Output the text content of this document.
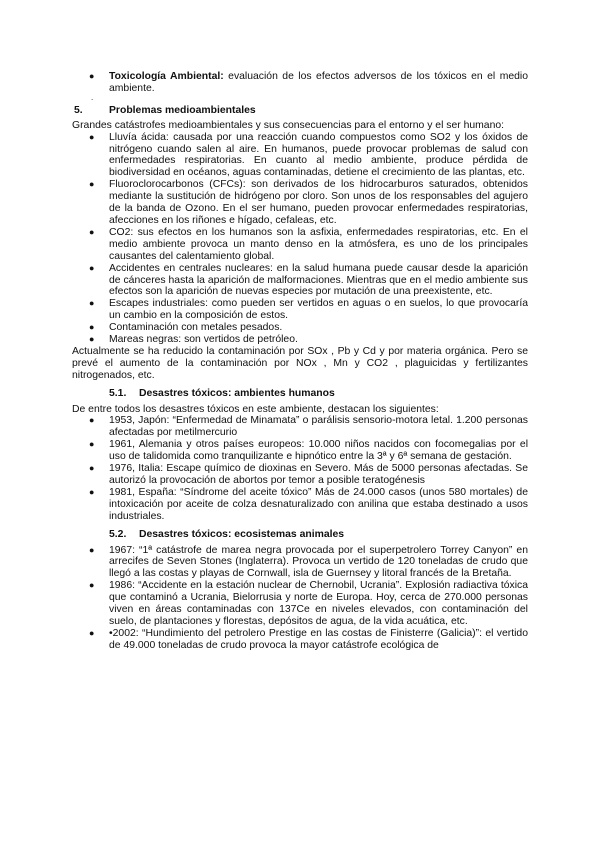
● Toxicología Ambiental: evaluación de los efectos adversos de los tóxicos en el medio ambiente.
.
5.	Problemas medioambientales

Grandes catástrofes medioambientales y sus consecuencias para el entorno y el ser humano:

● Lluvía ácida: causada por una reacción cuando compuestos como SO2 y los óxidos de nitrógeno cuando salen al aire. En humanos, puede provocar problemas de salud con enfermedades respiratorias. En cuanto al medio ambiente, produce pérdida de biodiversidad en océanos, aguas contaminadas, detiene el crecimiento de las plantas, etc.
● Fluoroclorocarbonos (CFCs): son derivados de los hidrocarburos saturados, obtenidos mediante la sustitución de hidrógeno por cloro. Son unos de los responsables del agujero de la banda de Ozono. En el ser humano, pueden provocar enfermedades respiratorias, afecciones en los riñones e hígado, cefaleas, etc.
● CO2: sus efectos en los humanos son la asfixia, enfermedades respiratorias, etc. En el medio ambiente provoca un manto denso en la atmósfera, es uno de los principales causantes del calentamiento global.
● Accidentes en centrales nucleares: en la salud humana puede causar desde la aparición de cánceres hasta la aparición de malformaciones. Mientras que en el medio ambiente sus efectos son la aparición de nuevas especies por mutación de una preexistente, etc.
● Escapes industriales: como pueden ser vertidos en aguas o en suelos, lo que provocaría un cambio en la composición de estos.
● Contaminación con metales pesados.
● Mareas negras: son vertidos de petróleo.

Actualmente se ha reducido la contaminación por SOx , Pb y Cd y por materia orgánica. Pero se prevé el aumento de la contaminación por NOx , Mn y CO2 , plaguicidas y fertilizantes nitrogenados, etc.

5.1.	Desastres tóxicos: ambientes humanos

De entre todos los desastres tóxicos en este ambiente, destacan los siguientes:

● 1953, Japón: “Enfermedad de Minamata” o parálisis sensorio-motora letal. 1.200 personas afectadas por metilmercurio
● 1961, Alemania y otros países europeos: 10.000 niños nacidos con focomegalias por el uso de talidomida como tranquilizante e hipnótico entre la 3ª y 6ª semana de gestación.
● 1976, Italia: Escape químico de dioxinas en Severo. Más de 5000 personas afectadas. Se autorizó la provocación de abortos por temor a posible teratogénesis
● 1981, España: “Síndrome del aceite tóxico” Más de 24.000 casos (unos 580 mortales) de intoxicación por aceite de colza desnaturalizado con anilina que estaba destinado a usos industriales.
5.2.	Desastres tóxicos: ecosistemas animales
● 1967: “1ª catástrofe de marea negra provocada por el superpetrolero Torrey Canyon” en arrecifes de Seven Stones (Inglaterra). Provoca un vertido de 120 toneladas de crudo que llegó a las costas y playas de Cornwall, isla de Guernsey y litoral francés de la Bretaña.
● 1986: “Accidente en la estación nuclear de Chernobil, Ucrania”. Explosión radiactiva tóxica que contaminó a Ucrania, Bielorrusia y norte de Europa. Hoy, cerca de 270.000 personas viven en áreas contaminadas con 137Ce en niveles elevados, con contaminación del suelo, de plantaciones y florestas, depósitos de agua, de la vida acuática, etc.
● •2002: “Hundimiento del petrolero Prestige en las costas de Finisterre (Galicia)”: el vertido de 49.000 toneladas de crudo provoca la mayor catástrofe ecológica de
